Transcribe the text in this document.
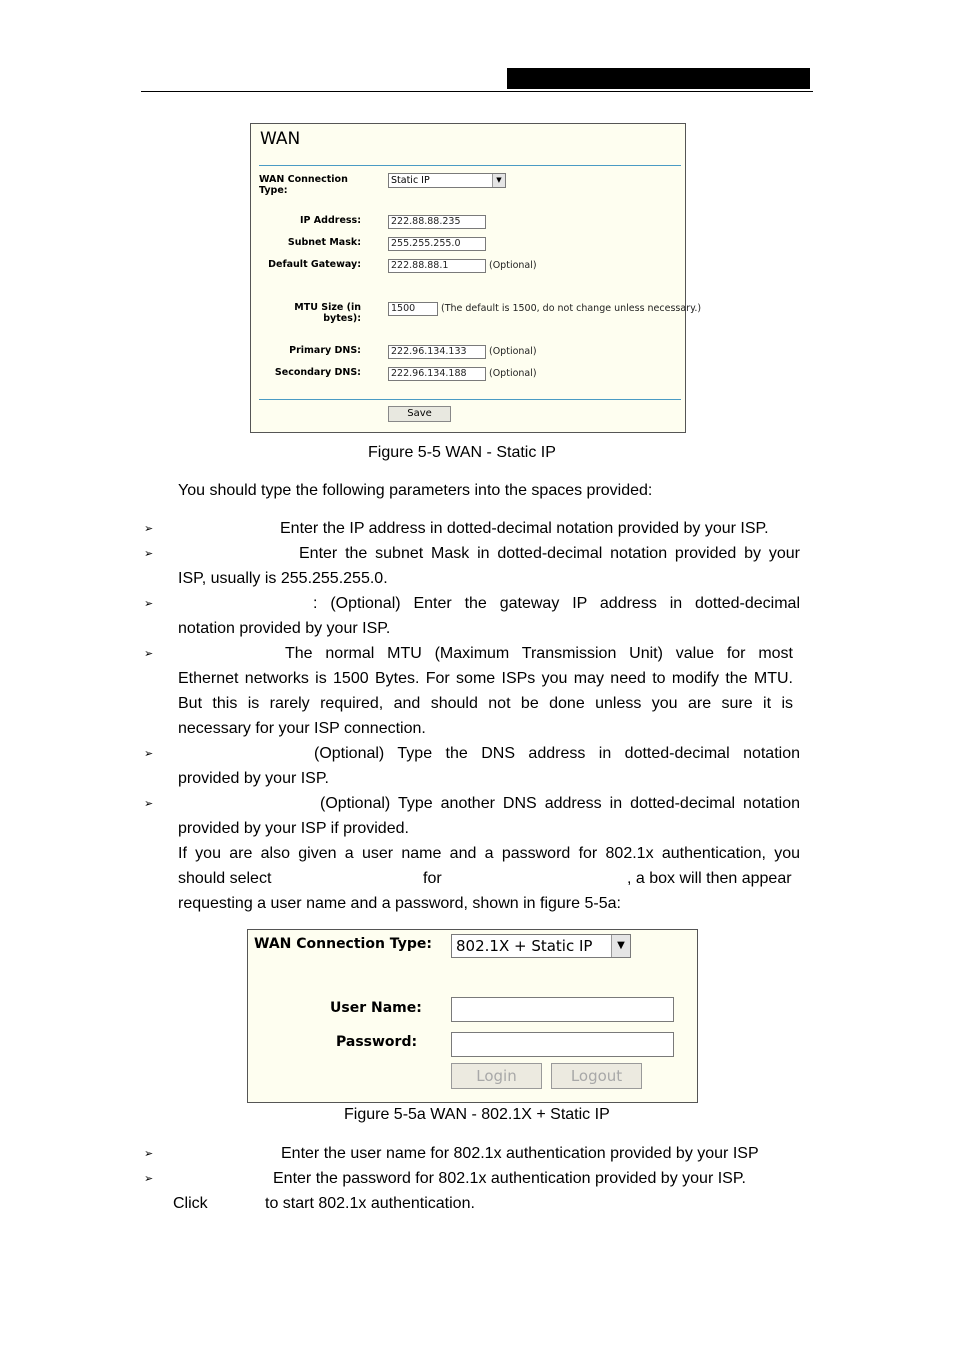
WAN
WAN Connection Type:
Static IP	▼
IP Address:	222.88.88.235
Subnet Mask:	255.255.255.0
Default Gateway:	222.88.88.1	(Optional)
MTU Size (in bytes):
1500	(The default is 1500, do not change unless necessary.)
Primary DNS:	222.96.134.133	(Optional)
Secondary DNS:	222.96.134.188	(Optional)
Save
Figure 5-5 WAN - Static IP
You should type the following parameters into the spaces provided:
➢	Enter the IP address in dotted-decimal notation provided by your ISP.
➢	Enter the subnet Mask in dotted-decimal notation provided by your
ISP, usually is 255.255.255.0.
➢	: (Optional) Enter the gateway IP address in dotted-decimal
notation provided by your ISP.
➢	The normal MTU (Maximum Transmission Unit) value for most
Ethernet networks is 1500 Bytes. For some ISPs you may need to modify the MTU.
But this is rarely required, and should not be done unless you are sure it is
necessary for your ISP connection.
➢	(Optional) Type the DNS address in dotted-decimal notation
provided by your ISP.
➢	(Optional) Type another DNS address in dotted-decimal notation
provided by your ISP if provided.
If you are also given a user name and a password for 802.1x authentication, you
should select	for	, a box will then appear
requesting a user name and a password, shown in figure 5-5a:
WAN Connection Type:	802.1X + Static IP	▼
User Name:
Password:
Login	Logout
Figure 5-5a WAN - 802.1X + Static IP
➢	Enter the user name for 802.1x authentication provided by your ISP
➢	Enter the password for 802.1x authentication provided by your ISP.
Click	to start 802.1x authentication.
